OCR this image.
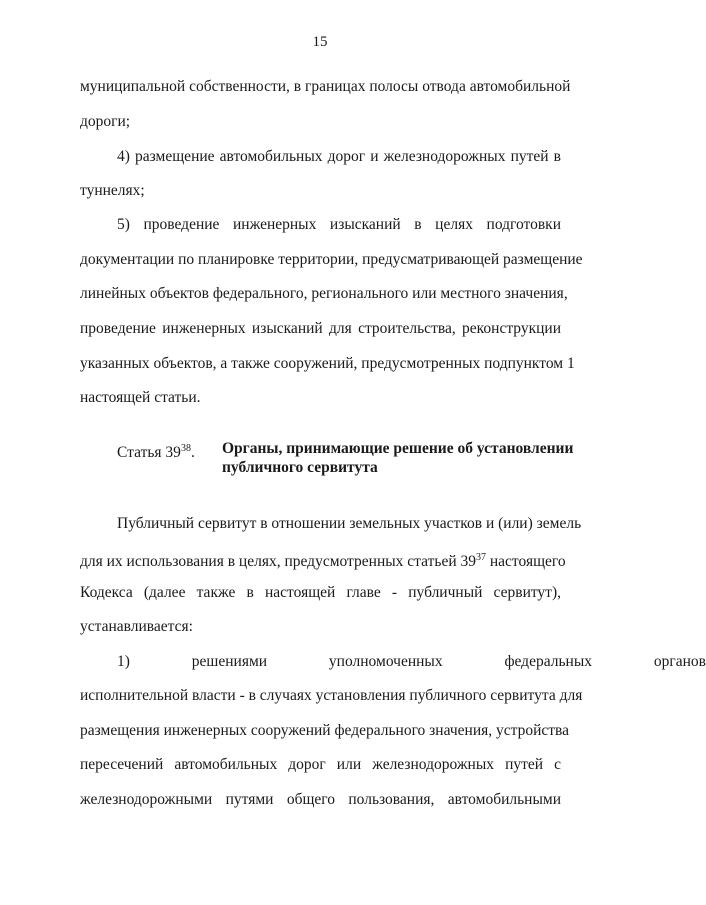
15
муниципальной собственности, в границах полосы отвода автомобильной
дороги;
4) размещение автомобильных дорог и железнодорожных путей в
туннелях;
5) проведение инженерных изысканий в целях подготовки
документации по планировке территории, предусматривающей размещение
линейных объектов федерального, регионального или местного значения,
проведение инженерных изысканий для строительства, реконструкции
указанных объектов, а также сооружений, предусмотренных подпунктом 1
настоящей статьи.
Статья $39^{38}$. Органы, принимающие решение об установлении
публичного сервитута
Публичный сервитут в отношении земельных участков и (или) земель
для их использования в целях, предусмотренных статьей 39$^{37}$ настоящего
Кодекса (далее также в настоящей главе - публичный сервитут),
устанавливается:
1) решениями уполномоченных федеральных органов
исполнительной власти - в случаях установления публичного сервитута для
размещения инженерных сооружений федерального значения, устройства
пересечений автомобильных дорог или железнодорожных путей с
железнодорожными путями общего пользования, автомобильными
